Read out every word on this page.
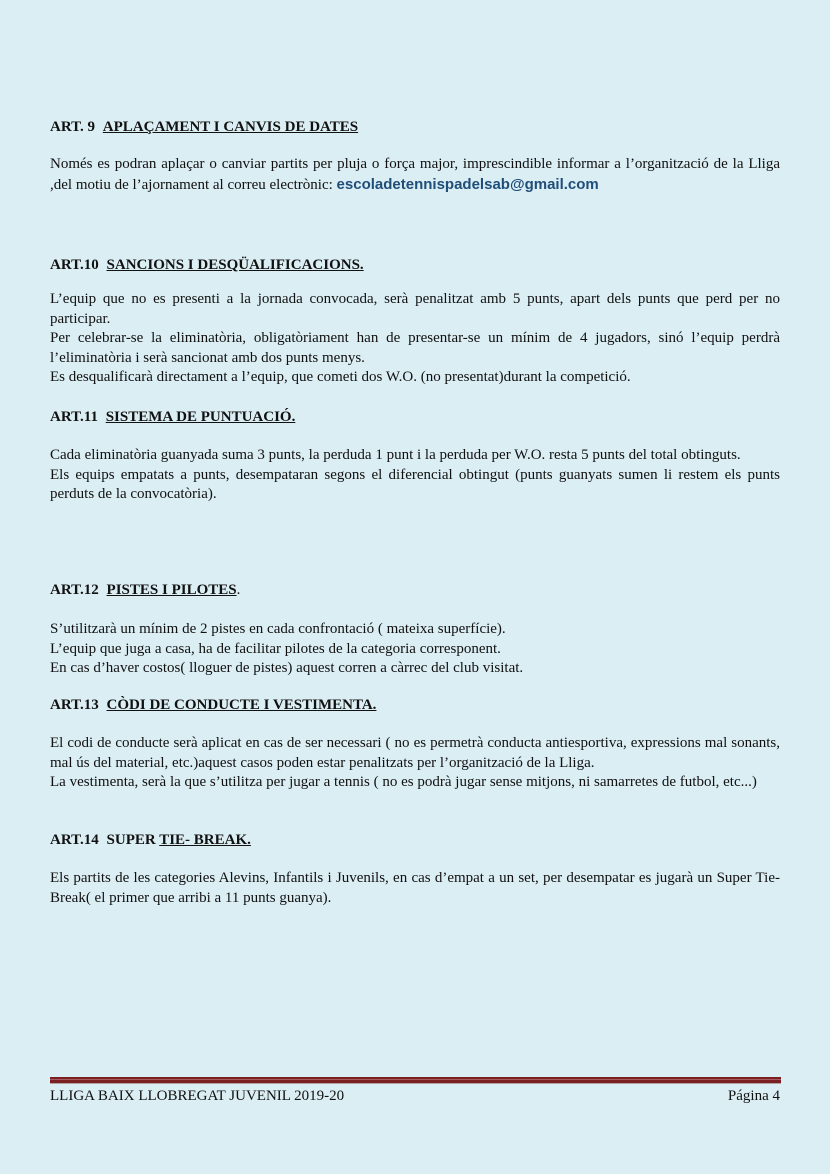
ART. 9 APLAÇAMENT I CANVIS DE DATES

Només es podran aplaçar o canviar partits per pluja o força major, imprescindible informar a l’organització de la Lliga ,del motiu de l’ajornament al correu electrònic: escoladetennispadelsab@gmail.com

ART.10 SANCIONS I DESQÜALIFICACIONS.

L’equip que no es presenti a la jornada convocada, serà penalitzat amb 5 punts, apart dels punts que perd per no participar.

Per celebrar-se la eliminatòria, obligatòriament han de presentar-se un mínim de 4 jugadors, sinó l’equip perdrà l’eliminatòria i serà sancionat amb dos punts menys.

Es desqualificarà directament a l’equip, que cometi dos W.O. (no presentat)durant la competició.

ART.11 SISTEMA DE PUNTUACIÓ.

Cada eliminatòria guanyada suma 3 punts, la perduda 1 punt i la perduda per W.O. resta 5 punts del total obtinguts.

Els equips empatats a punts, desempataran segons el diferencial obtingut (punts guanyats sumen li restem els punts perduts de la convocatòria).

ART.12 PISTES I PILOTES.

S’utilitzarà un mínim de 2 pistes en cada confrontació ( mateixa superfície).

L’equip que juga a casa, ha de facilitar pilotes de la categoria corresponent.

En cas d’haver costos( lloguer de pistes) aquest corren a càrrec del club visitat.

ART.13 CÒDI DE CONDUCTE I VESTIMENTA.

El codi de conducte serà aplicat en cas de ser necessari ( no es permetrà conducta antiesportiva, expressions mal sonants, mal ús del material, etc.)aquest casos poden estar penalitzats per l’organització de la Lliga.

La vestimenta, serà la que s’utilitza per jugar a tennis ( no es podrà jugar sense mitjons, ni samarretes de futbol, etc...)

ART.14 SUPER TIE- BREAK.

Els partits de les categories Alevins, Infantils i Juvenils, en cas d’empat a un set, per desempatar es jugarà un Super Tie-Break( el primer que arribi a 11 punts guanya).

LLIGA BAIX LLOBREGAT JUVENIL 2019-20	Página 4
